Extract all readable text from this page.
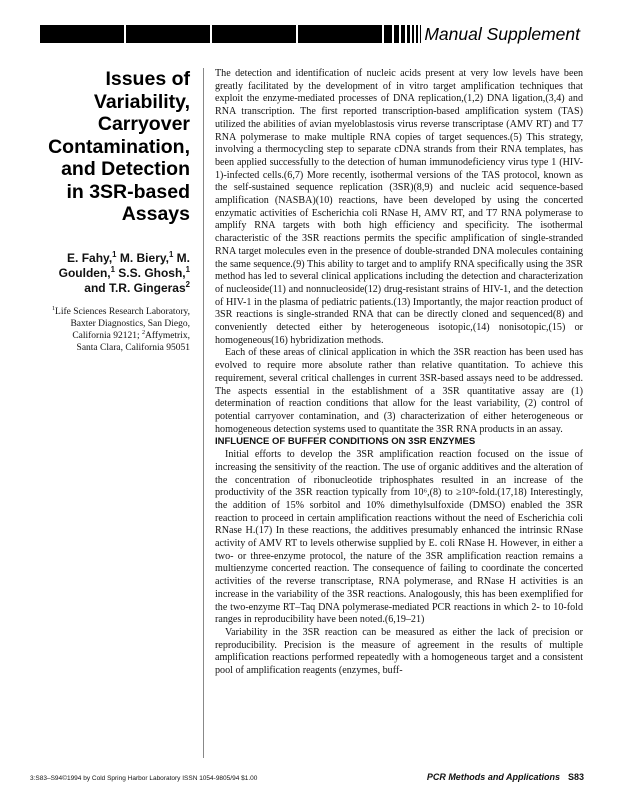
Manual Supplement
Issues of
Variability,
Carryover
Contamination,
and Detection
in 3SR-based
Assays
E. Fahy,$^1$ M. Biery,$^1$ M.
Goulden,$^1$ S.S. Ghosh,$^1$
and T.R. Gingeras$^2$
$^1$Life Sciences Research Laboratory,
Baxter Diagnostics, San Diego,
California 92121; $^2$Affymetrix,
Santa Clara, California 95051

The detection and identification of nucleic acids present at very low levels have been greatly facilitated by the development of in vitro target amplification techniques that exploit the enzyme-mediated processes of DNA replication,(1,2) DNA ligation,(3,4) and RNA transcription. The first reported transcription-based amplification system (TAS) utilized the abilities of avian myeloblastosis virus reverse transcriptase (AMV RT) and T7 RNA polymerase to make multiple RNA copies of target sequences.(5) This strategy, involving a thermocycling step to separate cDNA strands from their RNA templates, has been applied successfully to the detection of human immunodeficiency virus type 1 (HIV-1)-infected cells.(6,7) More recently, isothermal versions of the TAS protocol, known as the self-sustained sequence replication (3SR)(8,9) and nucleic acid sequence-based amplification (NASBA)(10) reactions, have been developed by using the concerted enzymatic activities of Escherichia coli RNase H, AMV RT, and T7 RNA polymerase to amplify RNA targets with both high efficiency and specificity. The isothermal characteristic of the 3SR reactions permits the specific amplification of single-stranded RNA target molecules even in the presence of double-stranded DNA molecules containing the same sequence.(9) This ability to target and to amplify RNA specifically using the 3SR method has led to several clinical applications including the detection and characterization of nucleoside(11) and nonnucleoside(12) drug-resistant strains of HIV-1, and the detection of HIV-1 in the plasma of pediatric patients.(13) Importantly, the major reaction product of 3SR reactions is single-stranded RNA that can be directly cloned and sequenced(8) and conveniently detected either by heterogeneous isotopic,(14) nonisotopic,(15) or homogeneous(16) hybridization methods.

Each of these areas of clinical application in which the 3SR reaction has been used has evolved to require more absolute rather than relative quantitation. To achieve this requirement, several critical challenges in current 3SR-based assays need to be addressed. The aspects essential in the establishment of a 3SR quantitative assay are (1) determination of reaction conditions that allow for the least variability, (2) control of potential carryover contamination, and (3) characterization of either heterogeneous or homogeneous detection systems used to quantitate the 3SR RNA products in an assay.

INFLUENCE OF BUFFER CONDITIONS ON 3SR ENZYMES

Initial efforts to develop the 3SR amplification reaction focused on the issue of increasing the sensitivity of the reaction. The use of organic additives and the alteration of the concentration of ribonucleotide triphosphates resulted in an increase of the productivity of the 3SR reaction typically from 10⁶,(8) to ≥10⁹-fold.(17,18) Interestingly, the addition of 15% sorbitol and 10% dimethylsulfoxide (DMSO) enabled the 3SR reaction to proceed in certain amplification reactions without the need of Escherichia coli RNase H.(17) In these reactions, the additives presumably enhanced the intrinsic RNase activity of AMV RT to levels otherwise supplied by E. coli RNase H. However, in either a two- or three-enzyme protocol, the nature of the 3SR amplification reaction remains a multienzyme concerted reaction. The consequence of failing to coordinate the concerted activities of the reverse transcriptase, RNA polymerase, and RNase H activities is an increase in the variability of the 3SR reactions. Analogously, this has been exemplified for the two-enzyme RT–Taq DNA polymerase-mediated PCR reactions in which 2- to 10-fold ranges in reproducibility have been noted.(6,19–21)

Variability in the 3SR reaction can be measured as either the lack of precision or reproducibility. Precision is the measure of agreement in the results of multiple amplification reactions performed repeatedly with a homogeneous target and a consistent pool of amplification reagents (enzymes, buff-

3:S83–S94©1994 by Cold Spring Harbor Laboratory ISSN 1054-9805/94 $1.00	PCR Methods and Applications S83
